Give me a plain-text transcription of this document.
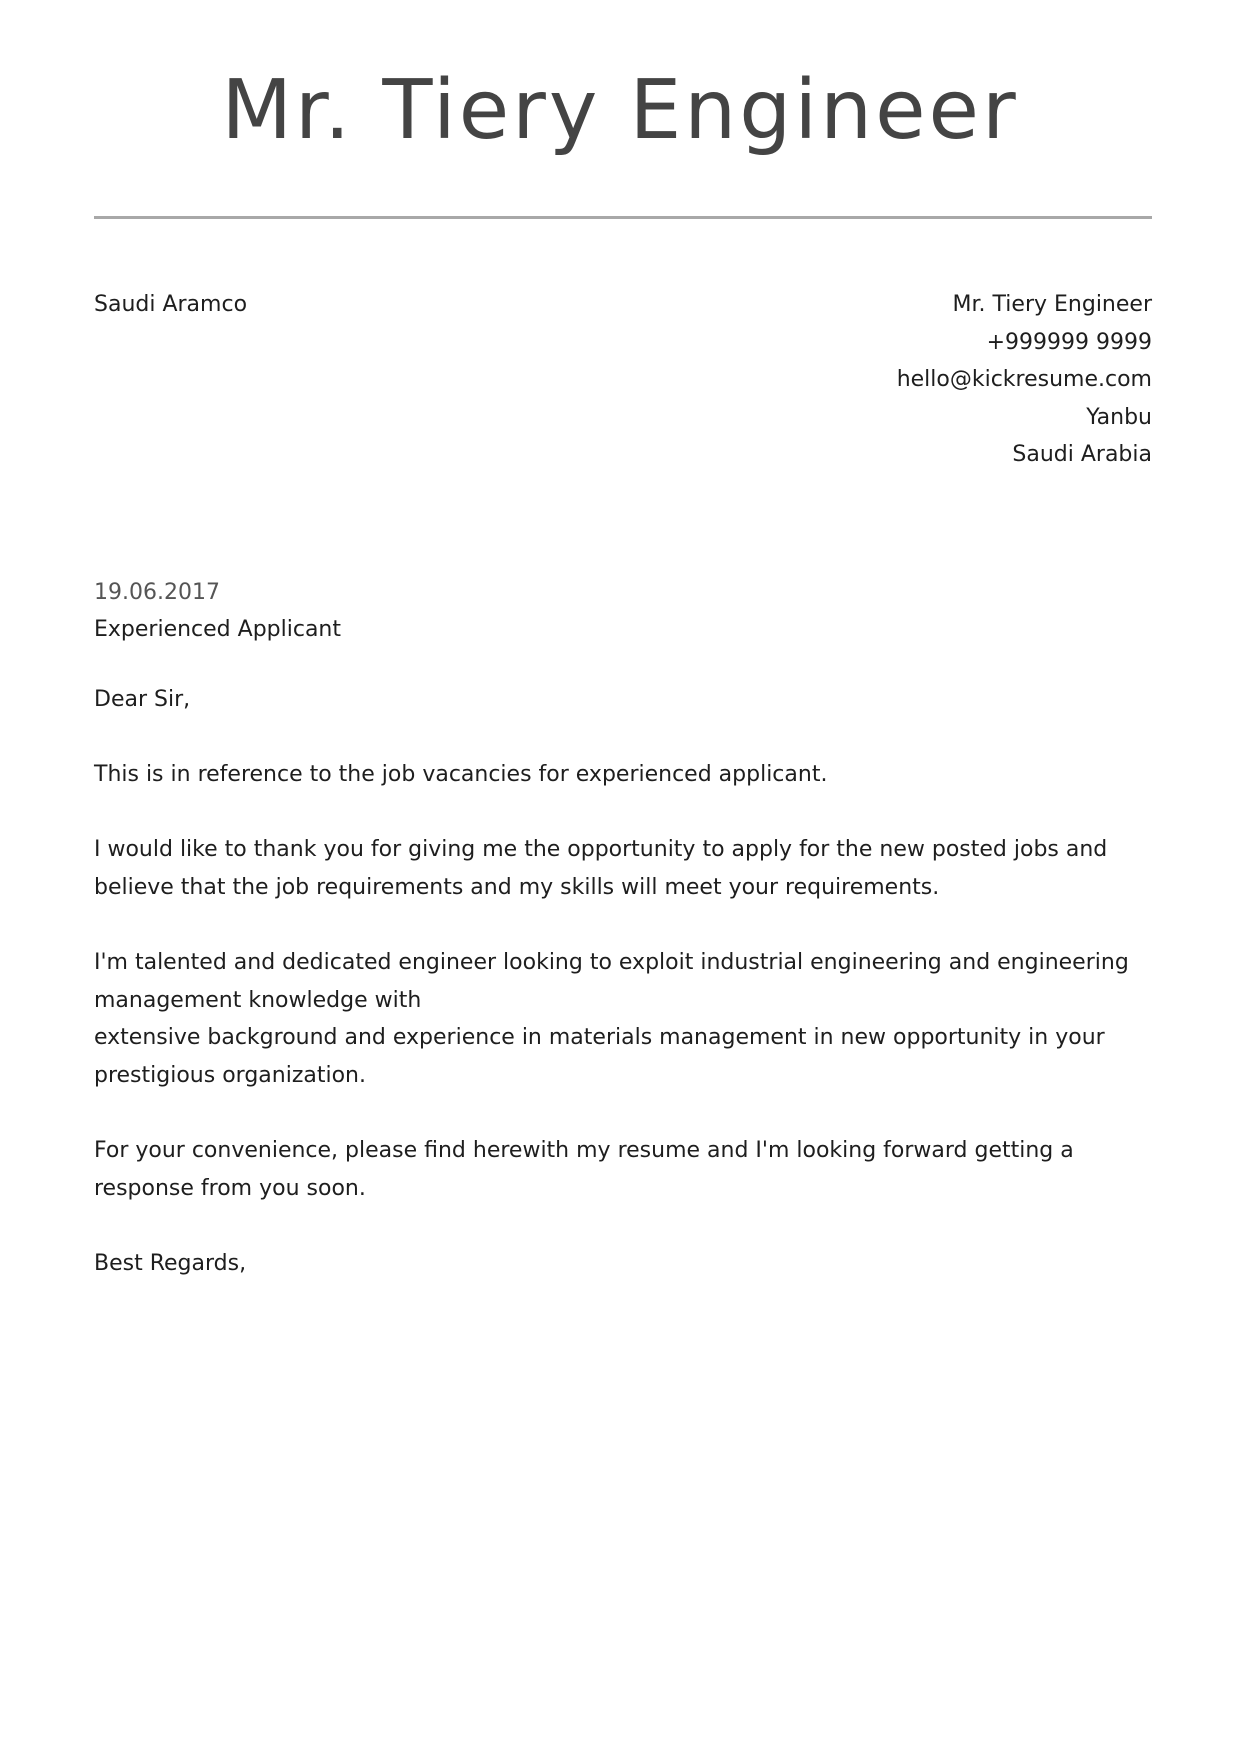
Mr. Tiery Engineer
Saudi Aramco	Mr. Tiery Engineer
+999999 9999
hello@kickresume.com
Yanbu
Saudi Arabia
19.06.2017
Experienced Applicant

Dear Sir,

This is in reference to the job vacancies for experienced applicant.

I would like to thank you for giving me the opportunity to apply for the new posted jobs and believe that the job requirements and my skills will meet your requirements.

I'm talented and dedicated engineer looking to exploit industrial engineering and engineering management knowledge with

extensive background and experience in materials management in new opportunity in your prestigious organization.

For your convenience, please find herewith my resume and I'm looking forward getting a response from you soon.

Best Regards,
